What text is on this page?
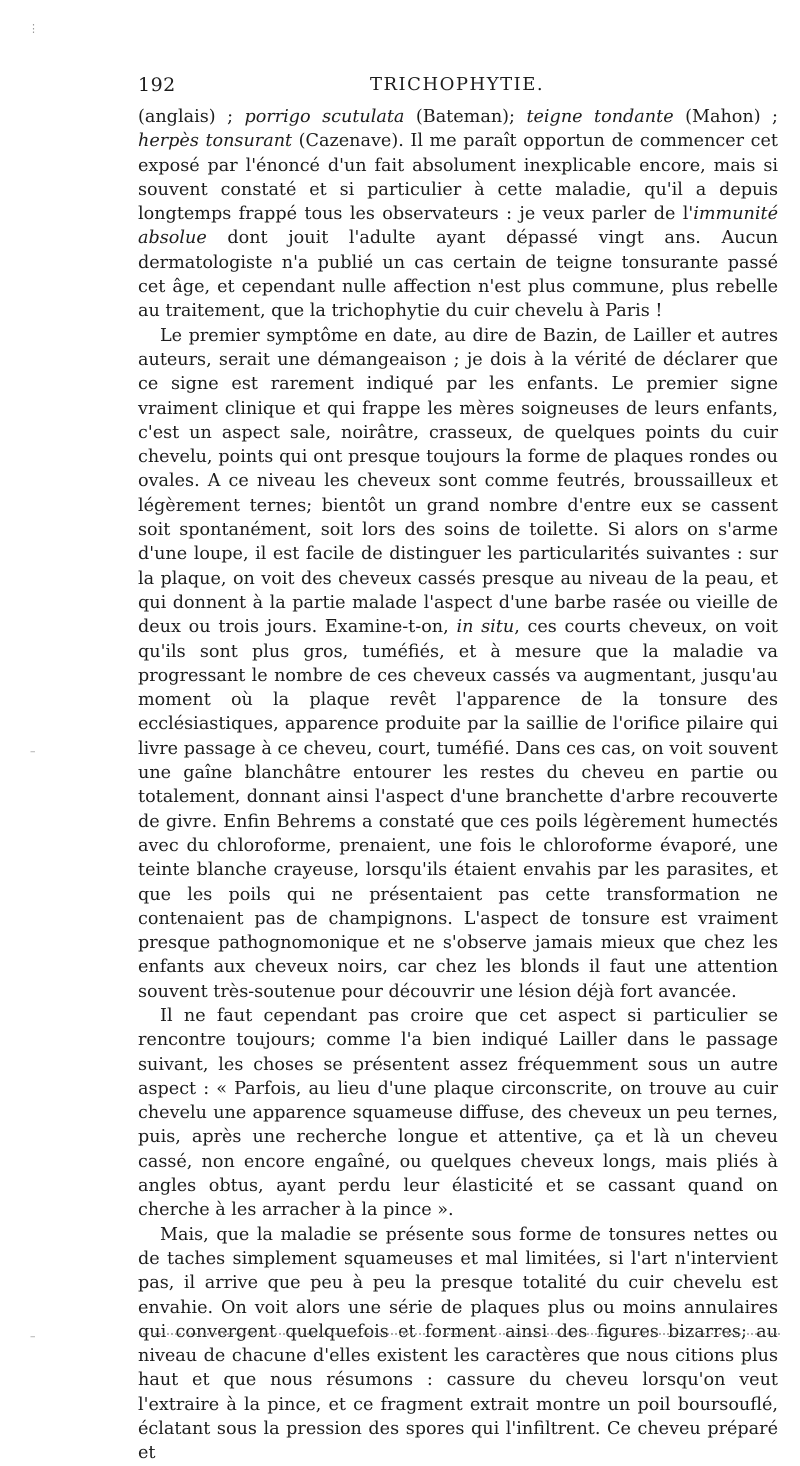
192	TRICHOPHYTIE.

(anglais) ; porrigo scutulata (Bateman); teigne tondante (Mahon) ; herpès tonsurant (Cazenave). Il me paraît opportun de commencer cet exposé par l'énoncé d'un fait absolument inexplicable encore, mais si souvent constaté et si particulier à cette maladie, qu'il a depuis longtemps frappé tous les observateurs : je veux parler de l'immunité absolue dont jouit l'adulte ayant dépassé vingt ans. Aucun dermatologiste n'a publié un cas certain de teigne tonsurante passé cet âge, et cependant nulle affection n'est plus commune, plus rebelle au traitement, que la trichophytie du cuir chevelu à Paris !

Le premier symptôme en date, au dire de Bazin, de Lailler et autres auteurs, serait une démangeaison ; je dois à la vérité de déclarer que ce signe est rarement indiqué par les enfants. Le premier signe vraiment clinique et qui frappe les mères soigneuses de leurs enfants, c'est un aspect sale, noirâtre, crasseux, de quelques points du cuir chevelu, points qui ont presque toujours la forme de plaques rondes ou ovales. A ce niveau les cheveux sont comme feutrés, broussailleux et légèrement ternes; bientôt un grand nombre d'entre eux se cassent soit spontanément, soit lors des soins de toilette. Si alors on s'arme d'une loupe, il est facile de distinguer les particularités suivantes : sur la plaque, on voit des cheveux cassés presque au niveau de la peau, et qui donnent à la partie malade l'aspect d'une barbe rasée ou vieille de deux ou trois jours. Examine-t-on, in situ, ces courts cheveux, on voit qu'ils sont plus gros, tuméfiés, et à mesure que la maladie va progressant le nombre de ces cheveux cassés va augmentant, jusqu'au moment où la plaque revêt l'apparence de la tonsure des ecclésiastiques, apparence produite par la saillie de l'orifice pilaire qui livre passage à ce cheveu, court, tuméfié. Dans ces cas, on voit souvent une gaîne blanchâtre entourer les restes du cheveu en partie ou totalement, donnant ainsi l'aspect d'une branchette d'arbre recouverte de givre. Enfin Behrems a constaté que ces poils légèrement humectés avec du chloroforme, prenaient, une fois le chloroforme évaporé, une teinte blanche crayeuse, lorsqu'ils étaient envahis par les parasites, et que les poils qui ne présentaient pas cette transformation ne contenaient pas de champignons. L'aspect de tonsure est vraiment presque pathognomonique et ne s'observe jamais mieux que chez les enfants aux cheveux noirs, car chez les blonds il faut une attention souvent très-soutenue pour découvrir une lésion déjà fort avancée.

Il ne faut cependant pas croire que cet aspect si particulier se rencontre toujours; comme l'a bien indiqué Lailler dans le passage suivant, les choses se présentent assez fréquemment sous un autre aspect : « Parfois, au lieu d'une plaque circonscrite, on trouve au cuir chevelu une apparence squameuse diffuse, des cheveux un peu ternes, puis, après une recherche longue et attentive, ça et là un cheveu cassé, non encore engaîné, ou quelques cheveux longs, mais pliés à angles obtus, ayant perdu leur élasticité et se cassant quand on cherche à les arracher à la pince ».

Mais, que la maladie se présente sous forme de tonsures nettes ou de taches simplement squameuses et mal limitées, si l'art n'intervient pas, il arrive que peu à peu la presque totalité du cuir chevelu est envahie. On voit alors une série de plaques plus ou moins annulaires qui convergent quelquefois et forment ainsi des figures bizarres; au niveau de chacune d'elles existent les caractères que nous citions plus haut et que nous résumons : cassure du cheveu lorsqu'on veut l'extraire à la pince, et ce fragment extrait montre un poil boursouflé, éclatant sous la pression des spores qui l'infiltrent. Ce cheveu préparé et

⋮
–
–
